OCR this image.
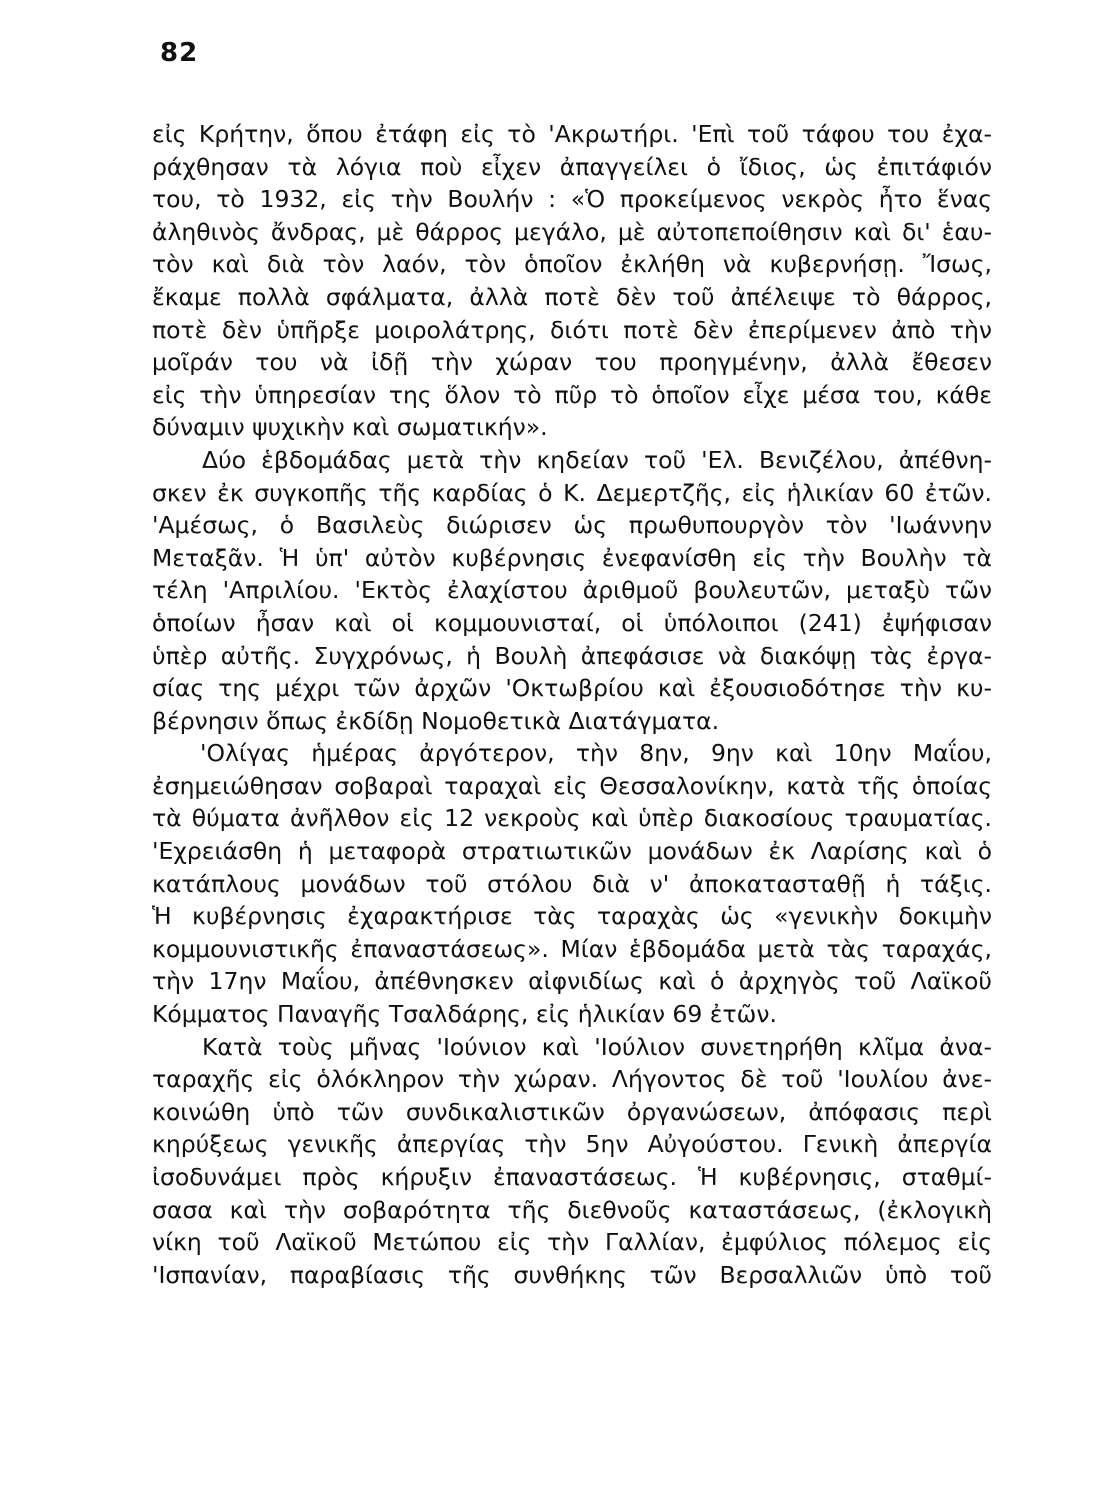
82
εἰς Κρήτην, ὅπου ἐτάφη εἰς τὸ 'Ακρωτήρι. 'Επὶ τοῦ τάφου του ἐχα-
ράχθησαν τὰ λόγια ποὺ εἶχεν ἀπαγγείλει ὁ ἴδιος, ὡς ἐπιτάφιόν
του, τὸ 1932, εἰς τὴν Βουλήν : «Ὁ προκείμενος νεκρὸς ἦτο ἕνας
ἀληθινὸς ἄνδρας, μὲ θάρρος μεγάλο, μὲ αὐτοπεποίθησιν καὶ δι' ἑαυ-
τὸν καὶ διὰ τὸν λαόν, τὸν ὁποῖον ἐκλήθη νὰ κυβερνήσῃ. Ἴσως,
ἔκαμε πολλὰ σφάλματα, ἀλλὰ ποτὲ δὲν τοῦ ἀπέλειψε τὸ θάρρος,
ποτὲ δὲν ὑπῆρξε μοιρολάτρης, διότι ποτὲ δὲν ἐπερίμενεν ἀπὸ τὴν
μοῖράν του νὰ ἰδῇ τὴν χώραν του προηγμένην, ἀλλὰ ἔθεσεν
εἰς τὴν ὑπηρεσίαν της ὅλον τὸ πῦρ τὸ ὁποῖον εἶχε μέσα του, κάθε
δύναμιν ψυχικὴν καὶ σωματικήν».
Δύο ἑβδομάδας μετὰ τὴν κηδείαν τοῦ 'Ελ. Βενιζέλου, ἀπέθνη-
σκεν ἐκ συγκοπῆς τῆς καρδίας ὁ Κ. Δεμερτζῆς, εἰς ἡλικίαν 60 ἐτῶν.
'Αμέσως, ὁ Βασιλεὺς διώρισεν ὡς πρωθυπουργὸν τὸν 'Ιωάννην
Μεταξᾶν. Ἡ ὑπ' αὐτὸν κυβέρνησις ἐνεφανίσθη εἰς τὴν Βουλὴν τὰ
τέλη 'Απριλίου. 'Εκτὸς ἐλαχίστου ἀριθμοῦ βουλευτῶν, μεταξὺ τῶν
ὁποίων ἦσαν καὶ οἱ κομμουνισταί, οἱ ὑπόλοιποι (241) ἐψήφισαν
ὑπὲρ αὐτῆς. Συγχρόνως, ἡ Βουλὴ ἀπεφάσισε νὰ διακόψῃ τὰς ἐργα-
σίας της μέχρι τῶν ἀρχῶν 'Οκτωβρίου καὶ ἐξουσιοδότησε τὴν κυ-
βέρνησιν ὅπως ἐκδίδῃ Νομοθετικὰ Διατάγματα.
'Ολίγας ἡμέρας ἀργότερον, τὴν 8ην, 9ην καὶ 10ην Μαΐου,
ἐσημειώθησαν σοβαραὶ ταραχαὶ εἰς Θεσσαλονίκην, κατὰ τῆς ὁποίας
τὰ θύματα ἀνῆλθον εἰς 12 νεκροὺς καὶ ὑπὲρ διακοσίους τραυματίας.
'Εχρειάσθη ἡ μεταφορὰ στρατιωτικῶν μονάδων ἐκ Λαρίσης καὶ ὁ
κατάπλους μονάδων τοῦ στόλου διὰ ν' ἀποκατασταθῇ ἡ τάξις.
Ἡ κυβέρνησις ἐχαρακτήρισε τὰς ταραχὰς ὡς «γενικὴν δοκιμὴν
κομμουνιστικῆς ἐπαναστάσεως». Μίαν ἑβδομάδα μετὰ τὰς ταραχάς,
τὴν 17ην Μαΐου, ἀπέθνησκεν αἰφνιδίως καὶ ὁ ἀρχηγὸς τοῦ Λαϊκοῦ
Κόμματος Παναγῆς Τσαλδάρης, εἰς ἡλικίαν 69 ἐτῶν.
Κατὰ τοὺς μῆνας 'Ιούνιον καὶ 'Ιούλιον συνετηρήθη κλῖμα ἀνα-
ταραχῆς εἰς ὁλόκληρον τὴν χώραν. Λήγοντος δὲ τοῦ 'Ιουλίου ἀνε-
κοινώθη ὑπὸ τῶν συνδικαλιστικῶν ὀργανώσεων, ἀπόφασις περὶ
κηρύξεως γενικῆς ἀπεργίας τὴν 5ην Αὐγούστου. Γενικὴ ἀπεργία
ἰσοδυνάμει πρὸς κήρυξιν ἐπαναστάσεως. Ἡ κυβέρνησις, σταθμί-
σασα καὶ τὴν σοβαρότητα τῆς διεθνοῦς καταστάσεως, (ἐκλογικὴ
νίκη τοῦ Λαϊκοῦ Μετώπου εἰς τὴν Γαλλίαν, ἐμφύλιος πόλεμος εἰς
'Ισπανίαν, παραβίασις τῆς συνθήκης τῶν Βερσαλλιῶν ὑπὸ τοῦ
